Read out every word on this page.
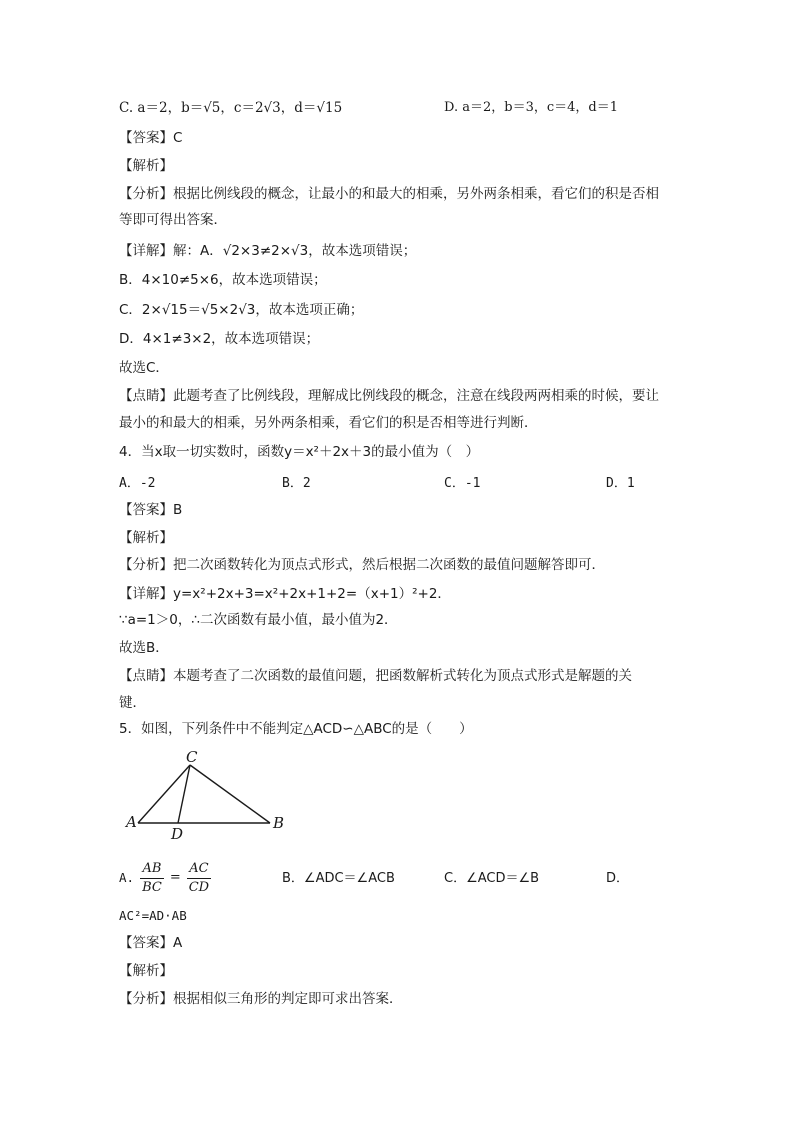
C. a＝2，b＝√5，c＝2√3，d＝√15	D. a＝2，b＝3，c＝4，d＝1
【答案】C
【解析】
【分析】根据比例线段的概念，让最小的和最大的相乘，另外两条相乘，看它们的积是否相
等即可得出答案．
【详解】解：A．√2×3≠2×√3，故本选项错误；
B．4×10≠5×6，故本选项错误；
C．2×√15＝√5×2√3，故本选项正确；
D．4×1≠3×2，故本选项错误；
故选C．
【点睛】此题考查了比例线段，理解成比例线段的概念，注意在线段两两相乘的时候，要让
最小的和最大的相乘，另外两条相乘，看它们的积是否相等进行判断．
4．当x取一切实数时，函数y＝x²＋2x＋3的最小值为（　）
A．-2	B．2	C．-1	D．1
【答案】B
【解析】
【分析】把二次函数转化为顶点式形式，然后根据二次函数的最值问题解答即可．
【详解】y=x²+2x+3=x²+2x+1+2=（x+1）²+2．
∵a=1＞0，∴二次函数有最小值，最小值为2．
故选B．
【点睛】本题考查了二次函数的最值问题，把函数解析式转化为顶点式形式是解题的关
键．
5．如图，下列条件中不能判定△ACD∽△ABC的是（　　）
C
A
D
B
A. $\frac{AB}{BC} = \frac{AC}{CD}$	B．∠ADC＝∠ACB	C．∠ACD＝∠B	D．
AC²=AD·AB
【答案】A
【解析】
【分析】根据相似三角形的判定即可求出答案．
